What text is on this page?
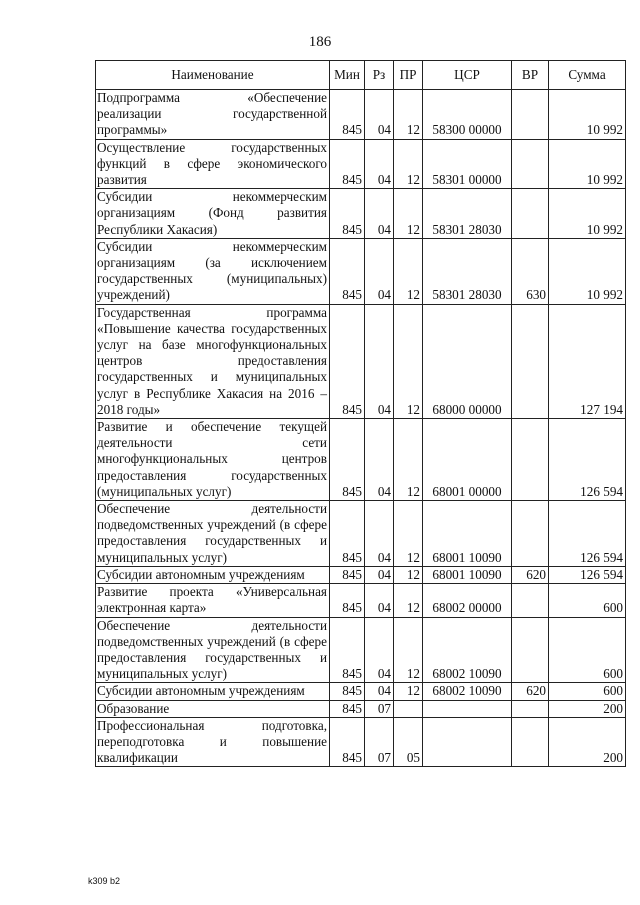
186
Наименование	Мин	Рз	ПР	ЦСР	ВР	Сумма
Подпрограмма «Обеспечение реализации государственной программы»	845	04	12	58300 00000		10 992
Осуществление государственных функций в сфере экономического развития	845	04	12	58301 00000		10 992
Субсидии некоммерческим организациям (Фонд развития Республики Хакасия)	845	04	12	58301 28030		10 992
Субсидии некоммерческим организациям (за исключением государственных (муниципальных) учреждений)	845	04	12	58301 28030	630	10 992
Государственная программа «Повышение качества государственных услуг на базе многофункциональных центров предоставления государственных и муниципальных услуг в Республике Хакасия на 2016 – 2018 годы»	845	04	12	68000 00000		127 194
Развитие и обеспечение текущей деятельности сети многофункциональных центров предоставления государственных (муниципальных услуг)	845	04	12	68001 00000		126 594
Обеспечение деятельности подведомственных учреждений (в сфере предоставления государственных и муниципальных услуг)	845	04	12	68001 10090		126 594
Субсидии автономным учреждениям	845	04	12	68001 10090	620	126 594
Развитие проекта «Универсальная электронная карта»	845	04	12	68002 00000		600
Обеспечение деятельности подведомственных учреждений (в сфере предоставления государственных и муниципальных услуг)	845	04	12	68002 10090		600
Субсидии автономным учреждениям	845	04	12	68002 10090	620	600
Образование	845	07				200
Профессиональная подготовка, переподготовка и повышение квалификации	845	07	05			200
k309 b2
